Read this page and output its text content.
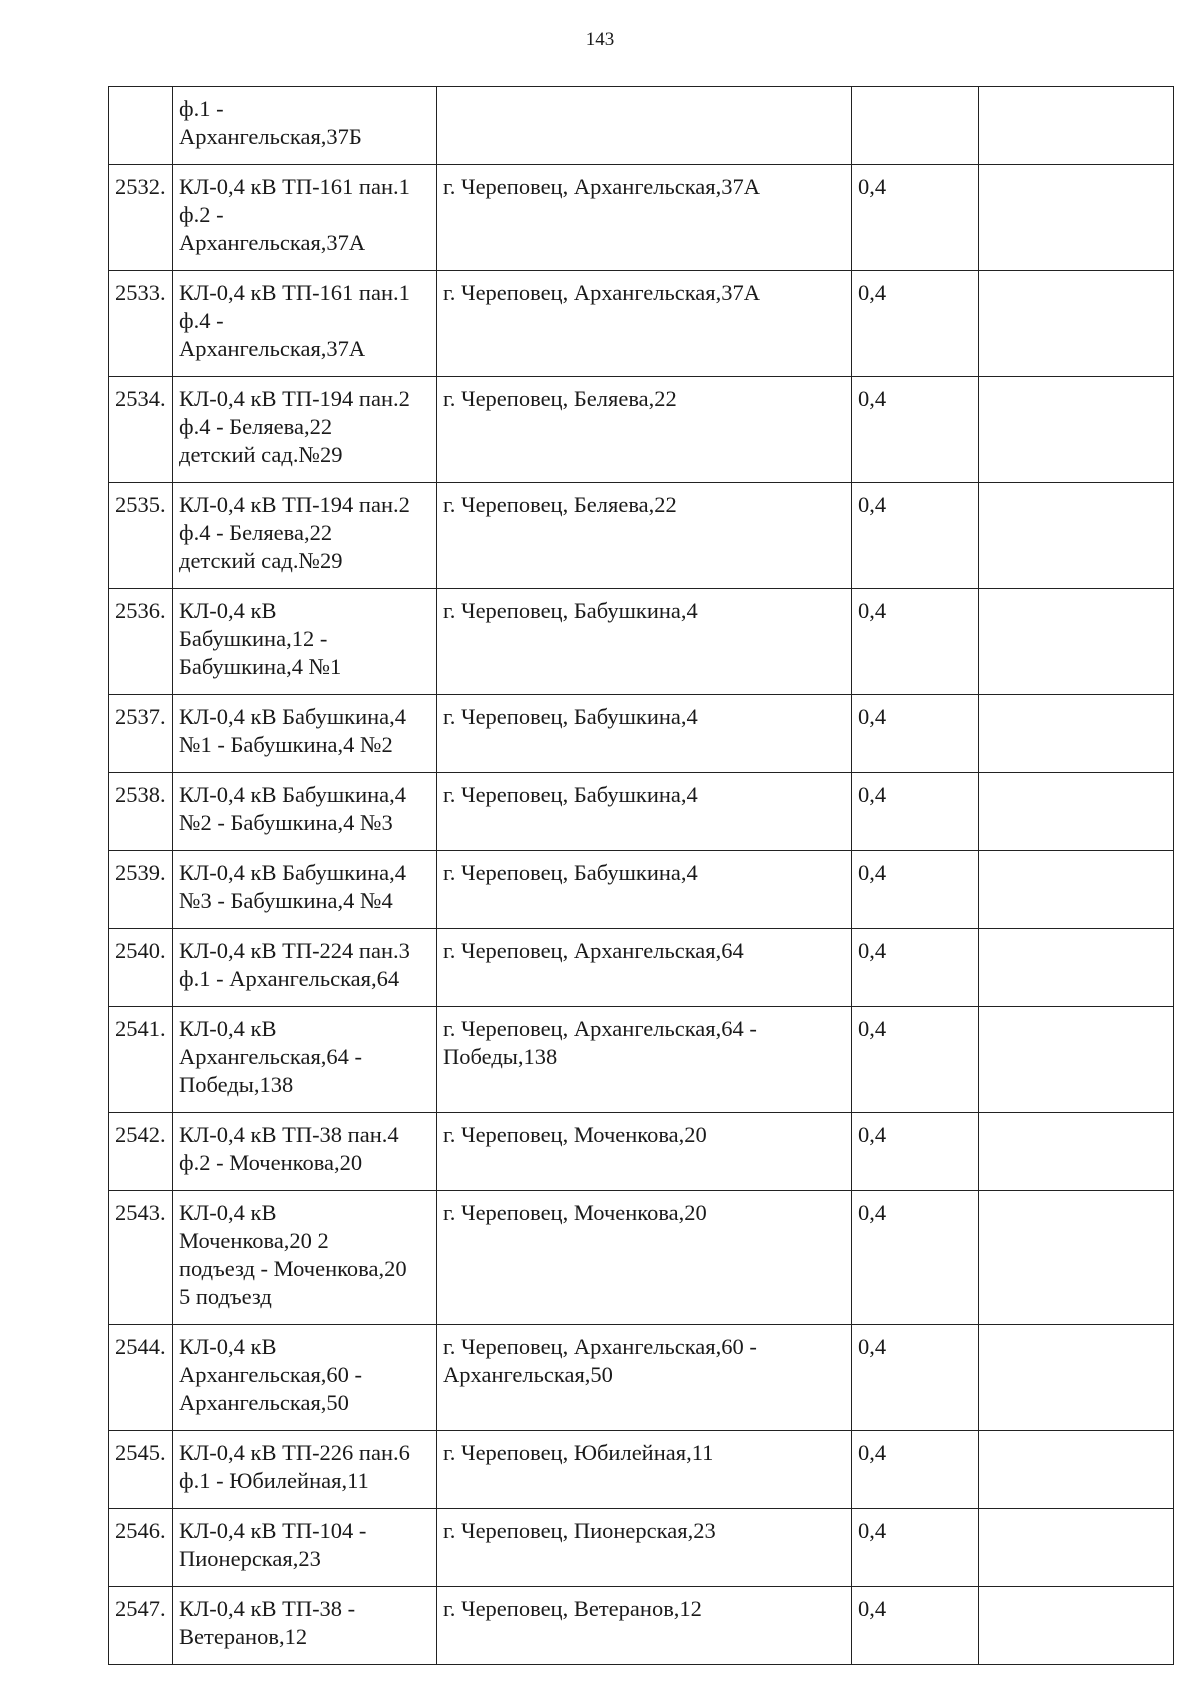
143
	ф.1 -
Архангельская,37Б			
2532.	КЛ-0,4 кВ ТП-161 пан.1
ф.2 -
Архангельская,37А	г. Череповец, Архангельская,37А	0,4	
2533.	КЛ-0,4 кВ ТП-161 пан.1
ф.4 -
Архангельская,37А	г. Череповец, Архангельская,37А	0,4	
2534.	КЛ-0,4 кВ ТП-194 пан.2
ф.4 - Беляева,22
детский сад.№29	г. Череповец, Беляева,22	0,4	
2535.	КЛ-0,4 кВ ТП-194 пан.2
ф.4 - Беляева,22
детский сад.№29	г. Череповец, Беляева,22	0,4	
2536.	КЛ-0,4 кВ
Бабушкина,12 -
Бабушкина,4 №1	г. Череповец, Бабушкина,4	0,4	
2537.	КЛ-0,4 кВ Бабушкина,4
№1 - Бабушкина,4 №2	г. Череповец, Бабушкина,4	0,4	
2538.	КЛ-0,4 кВ Бабушкина,4
№2 - Бабушкина,4 №3	г. Череповец, Бабушкина,4	0,4	
2539.	КЛ-0,4 кВ Бабушкина,4
№3 - Бабушкина,4 №4	г. Череповец, Бабушкина,4	0,4	
2540.	КЛ-0,4 кВ ТП-224 пан.3
ф.1 - Архангельская,64	г. Череповец, Архангельская,64	0,4	
2541.	КЛ-0,4 кВ
Архангельская,64 -
Победы,138	г. Череповец, Архангельская,64 -
Победы,138	0,4	
2542.	КЛ-0,4 кВ ТП-38 пан.4
ф.2 - Моченкова,20	г. Череповец, Моченкова,20	0,4	
2543.	КЛ-0,4 кВ
Моченкова,20 2
подъезд - Моченкова,20
5 подъезд	г. Череповец, Моченкова,20	0,4	
2544.	КЛ-0,4 кВ
Архангельская,60 -
Архангельская,50	г. Череповец, Архангельская,60 -
Архангельская,50	0,4	
2545.	КЛ-0,4 кВ ТП-226 пан.6
ф.1 - Юбилейная,11	г. Череповец, Юбилейная,11	0,4	
2546.	КЛ-0,4 кВ ТП-104 -
Пионерская,23	г. Череповец, Пионерская,23	0,4	
2547.	КЛ-0,4 кВ ТП-38 -
Ветеранов,12	г. Череповец, Ветеранов,12	0,4	
